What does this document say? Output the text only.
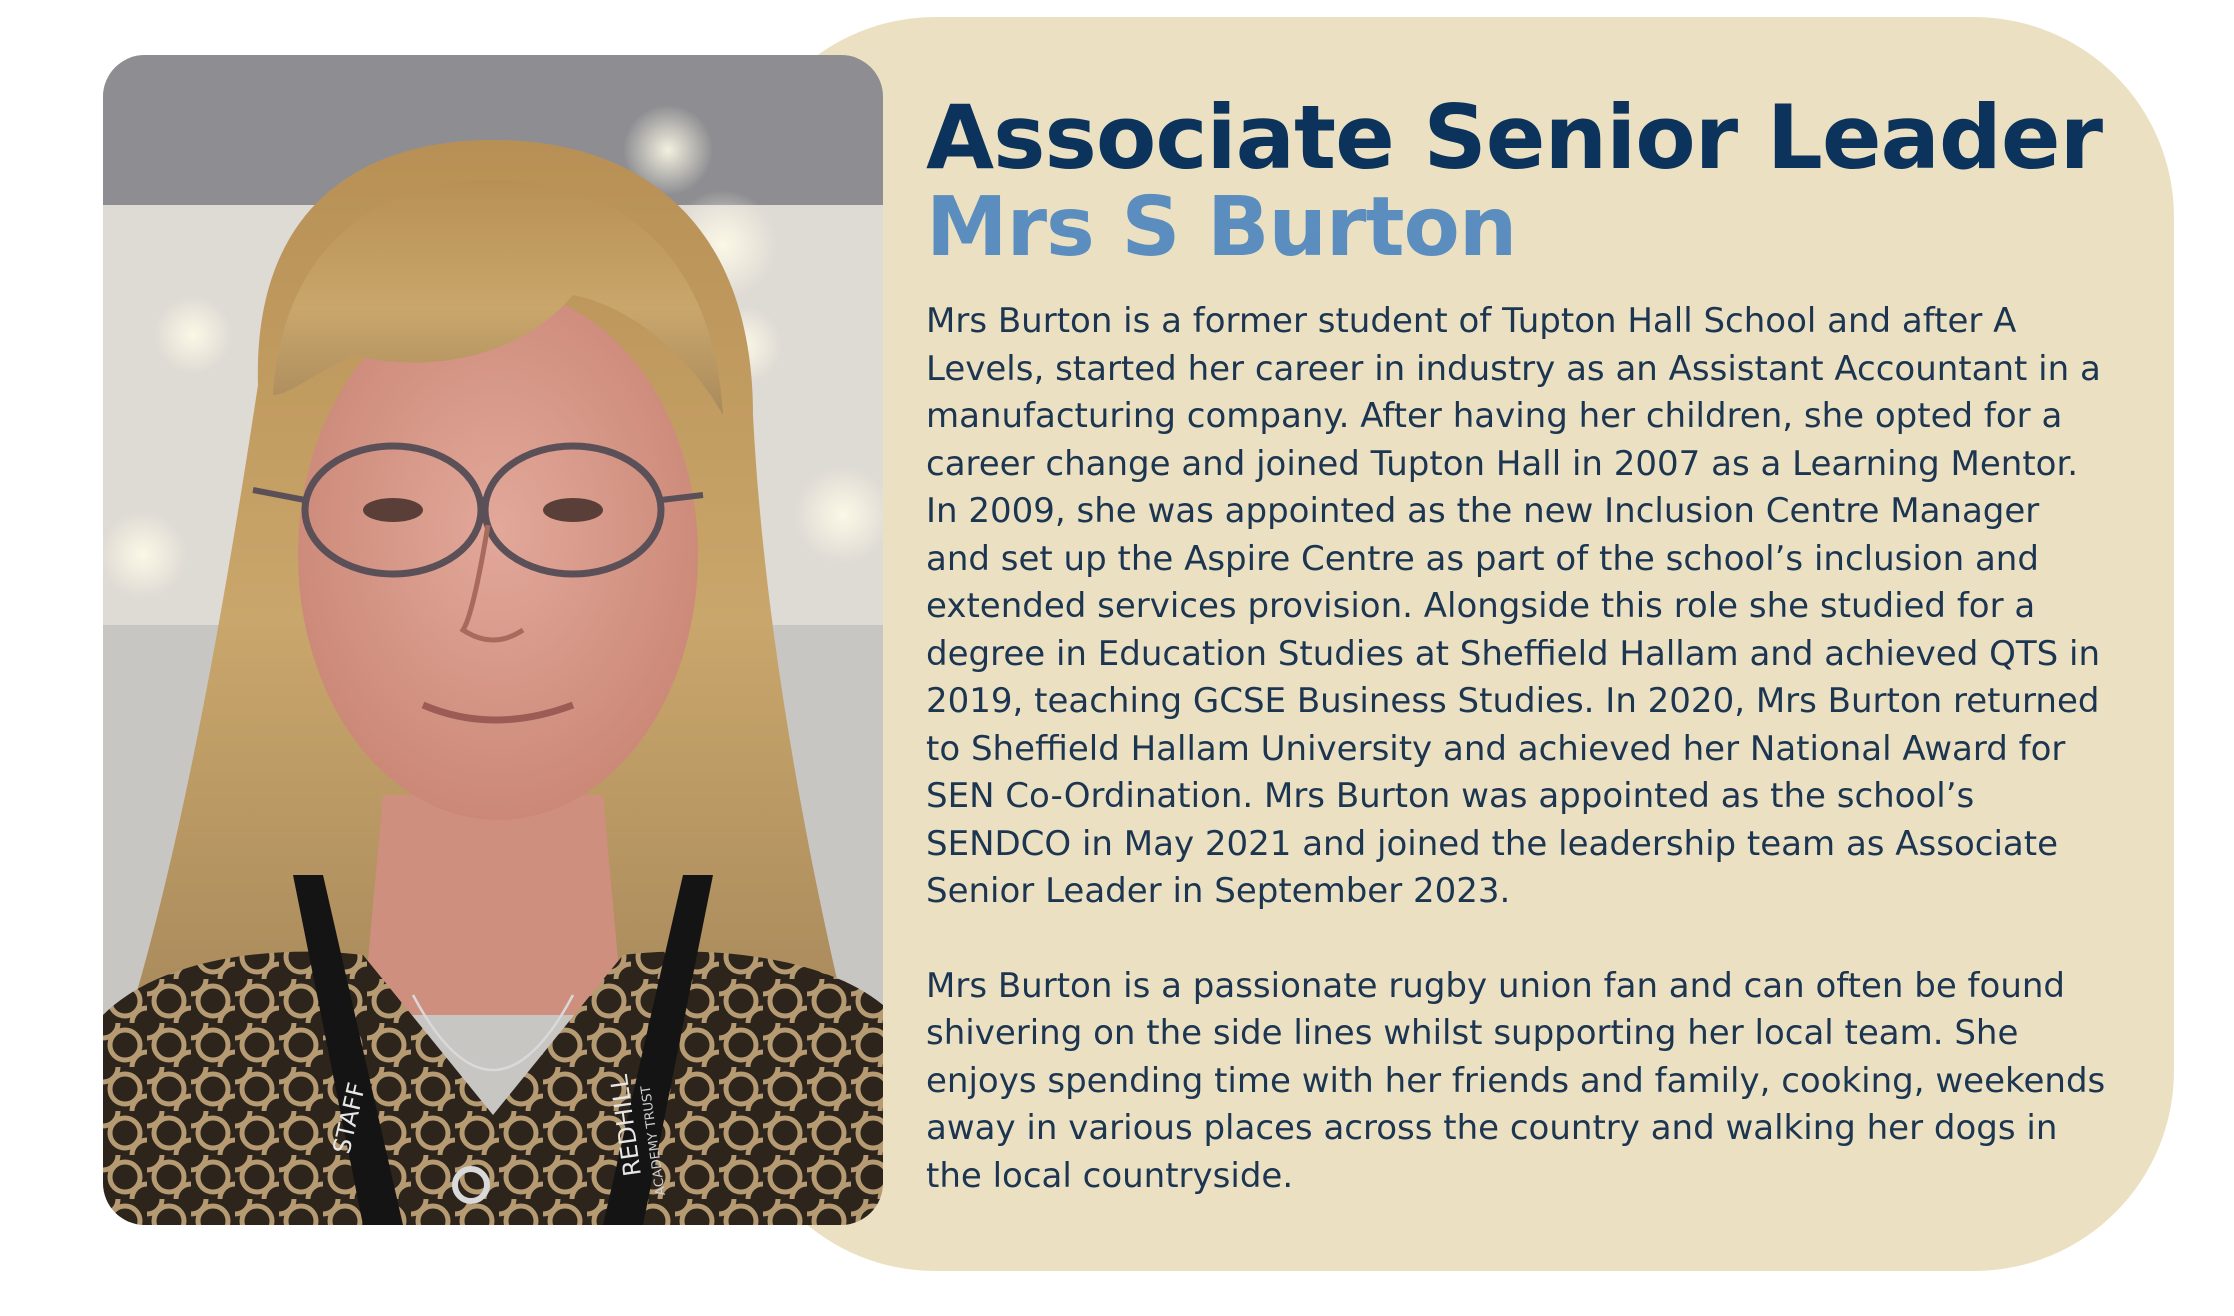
STAFF	REDHILL
ACADEMY TRUST
Associate Senior Leader
Mrs S Burton

Mrs Burton is a former student of Tupton Hall School and after A Levels, started her career in industry as an Assistant Accountant in a manufacturing company. After having her children, she opted for a career change and joined Tupton Hall in 2007 as a Learning Mentor. In 2009, she was appointed as the new Inclusion Centre Manager and set up the Aspire Centre as part of the school’s inclusion and extended services provision. Alongside this role she studied for a degree in Education Studies at Sheffield Hallam and achieved QTS in 2019, teaching GCSE Business Studies. In 2020, Mrs Burton returned to Sheffield Hallam University and achieved her National Award for SEN Co-Ordination. Mrs Burton was appointed as the school’s SENDCO in May 2021 and joined the leadership team as Associate Senior Leader in September 2023.

Mrs Burton is a passionate rugby union fan and can often be found shivering on the side lines whilst supporting her local team. She enjoys spending time with her friends and family, cooking, weekends away in various places across the country and walking her dogs in the local countryside.
